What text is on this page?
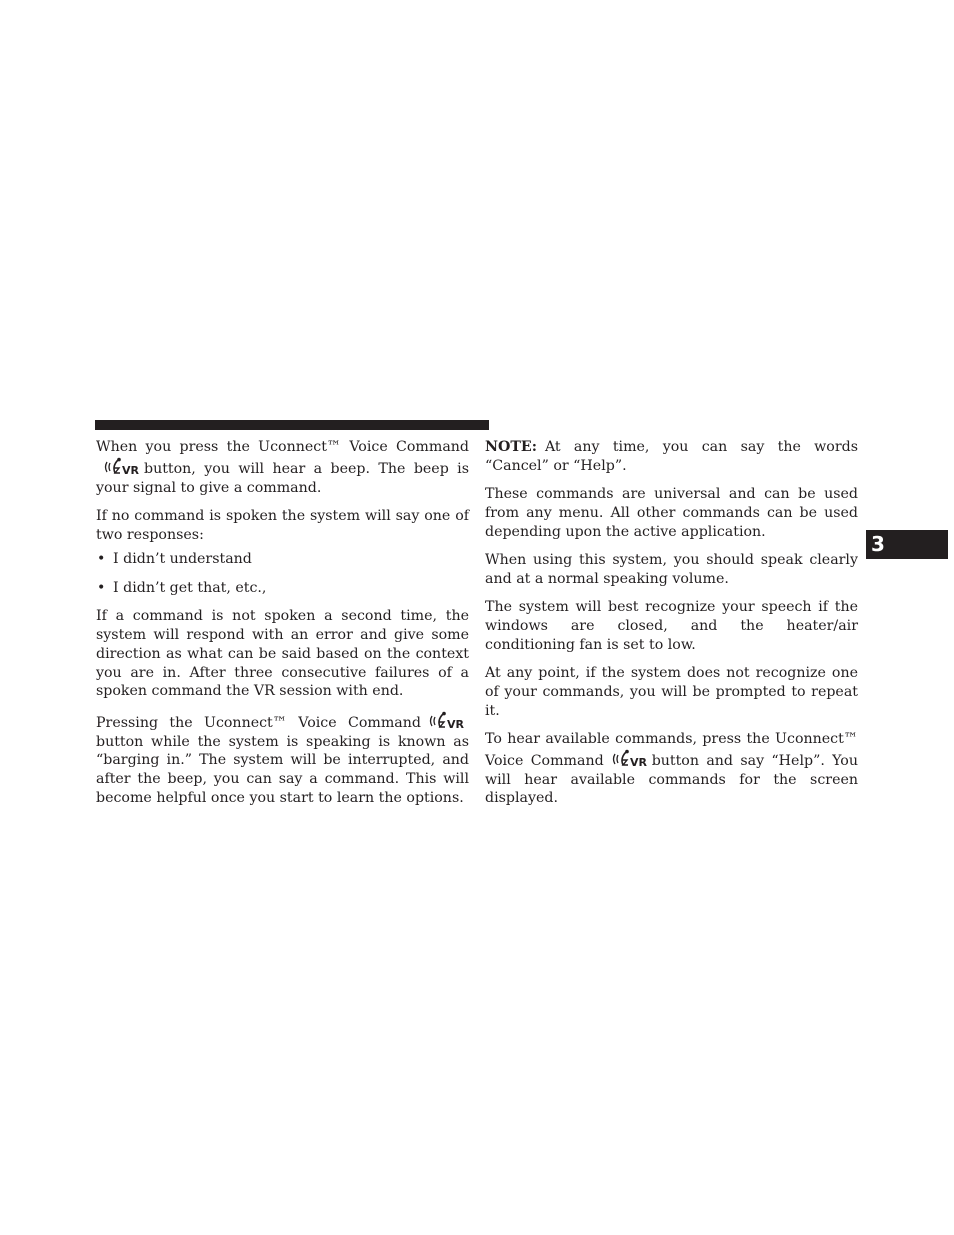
When you press the Uconnect™ Voice Command
VR button, you will hear a beep. The beep is your signal to give a command.

If no command is spoken the system will say one of two responses:

• I didn’t understand

• I didn’t get that, etc.,

If a command is not spoken a second time, the system will respond with an error and give some direction as what can be said based on the context you are in. After three consecutive failures of a spoken command the VR session with end.

Pressing the Uconnect™ Voice Command VR
button while the system is speaking is known as “barging in.” The system will be interrupted, and after the beep, you can say a command. This will become helpful once you start to learn the options.

NOTE: At any time, you can say the words “Cancel” or “Help”.

These commands are universal and can be used from any menu. All other commands can be used depending upon the active application.

When using this system, you should speak clearly and at a normal speaking volume.

The system will best recognize your speech if the windows are closed, and the heater/air conditioning fan is set to low.

At any point, if the system does not recognize one of your commands, you will be prompted to repeat it.

To hear available commands, press the Uconnect™ Voice Command VR button and say “Help”. You will hear available commands for the screen displayed.

3
